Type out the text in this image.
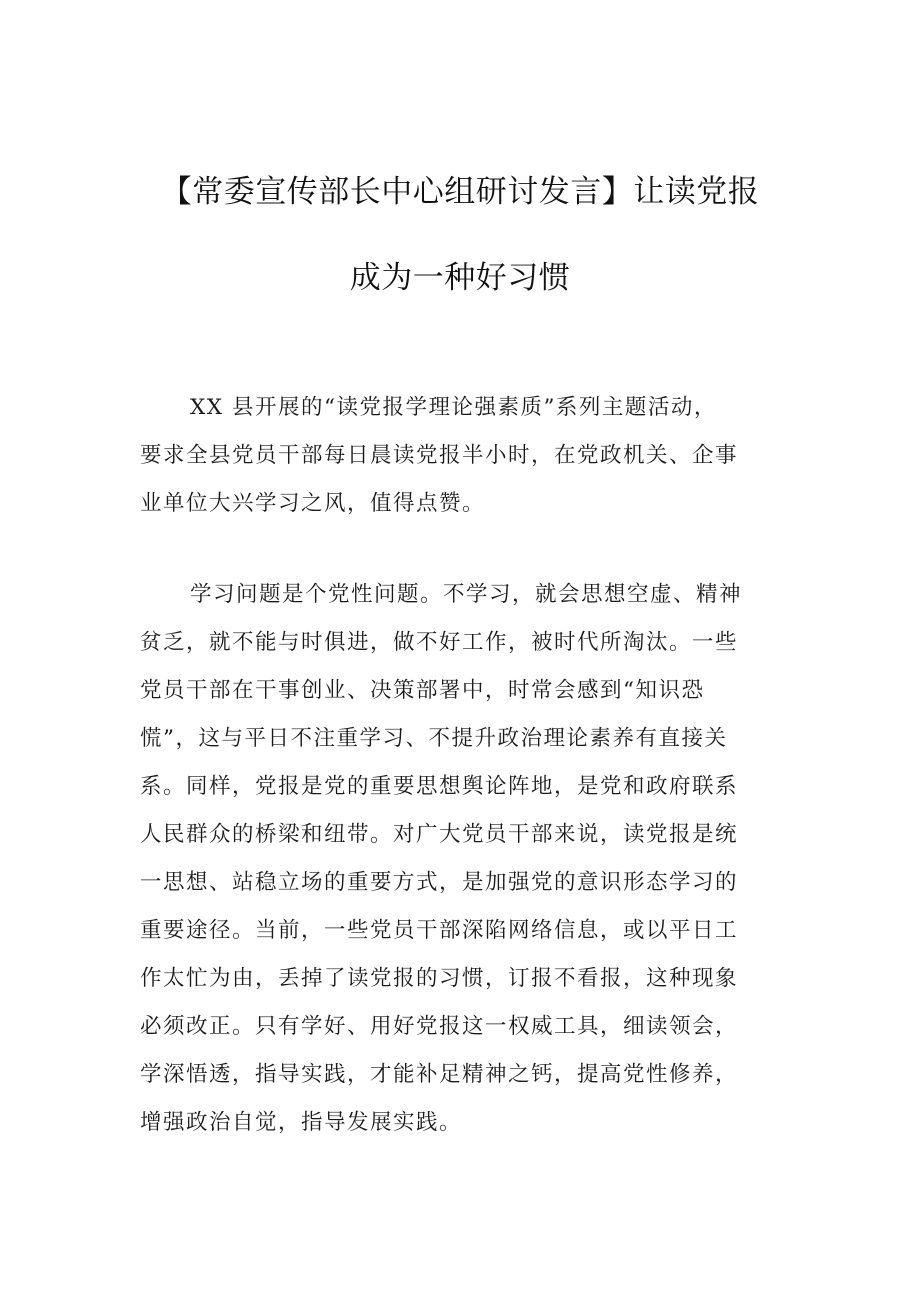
【常委宣传部长中心组研讨发言】让读党报
成为一种好习惯
XX 县开展的“读党报学理论强素质”系列主题活动，
要求全县党员干部每日晨读党报半小时，在党政机关、企事
业单位大兴学习之风，值得点赞。
学习问题是个党性问题。不学习，就会思想空虚、精神
贫乏，就不能与时俱进，做不好工作，被时代所淘汰。一些
党员干部在干事创业、决策部署中，时常会感到“知识恐
慌”，这与平日不注重学习、不提升政治理论素养有直接关
系。同样，党报是党的重要思想舆论阵地，是党和政府联系
人民群众的桥梁和纽带。对广大党员干部来说，读党报是统
一思想、站稳立场的重要方式，是加强党的意识形态学习的
重要途径。当前，一些党员干部深陷网络信息，或以平日工
作太忙为由，丢掉了读党报的习惯，订报不看报，这种现象
必须改正。只有学好、用好党报这一权威工具，细读领会，
学深悟透，指导实践，才能补足精神之钙，提高党性修养，
增强政治自觉，指导发展实践。
